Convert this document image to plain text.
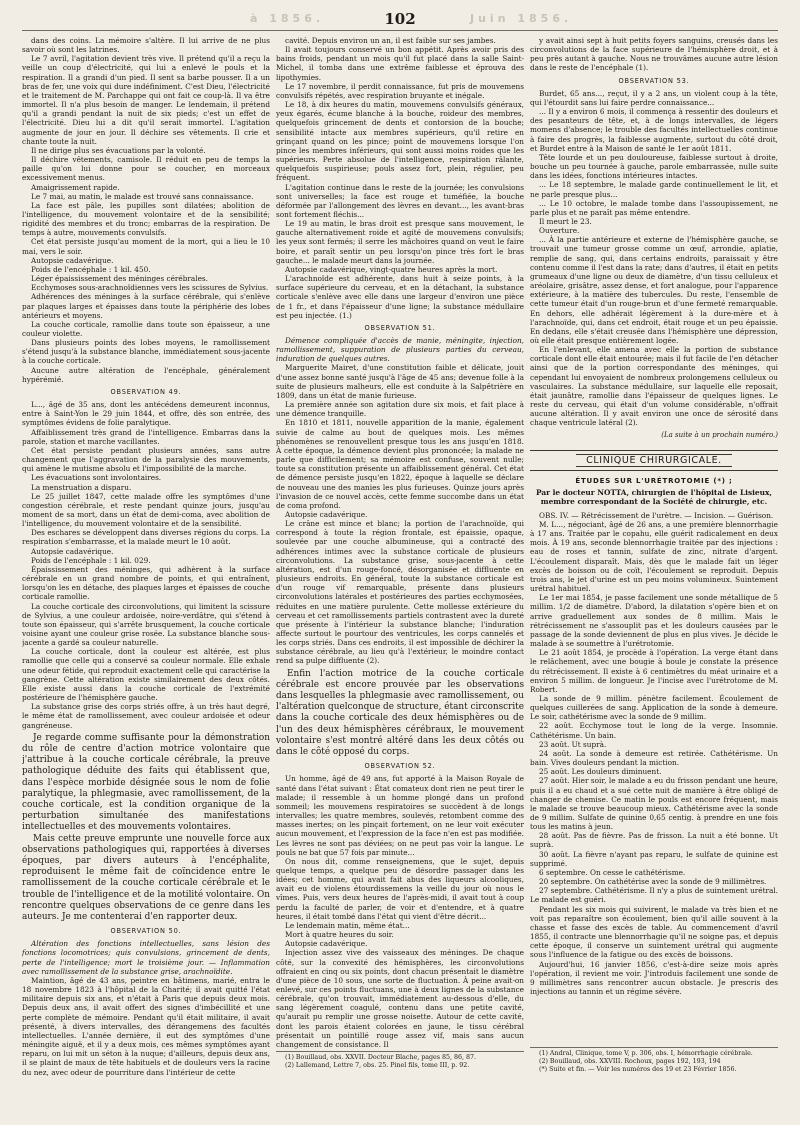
à 1856.	102	Juin 1856.

dans des coins. La mémoire s'altère. Il lui arrive de ne plus savoir où sont les latrines.

Le 7 avril, l'agitation devient très vive. Il prétend qu'il a reçu la veille un coup d'électricité, qui lui a enlevé le pouls et la respiration. Il a grandi d'un pied. Il sent sa barbe pousser. Il a un bras de fer, une voix qui dure indéfiniment. C'est Dieu, l'électricité et le traitement de M. Parchappe qui ont fait ce coup-là. Il va être immortel. Il n'a plus besoin de manger. Le lendemain, il prétend qu'il a grandi pendant la nuit de six pieds; c'est un effet de l'électricité. Dieu lui a dit qu'il serait immortel. L'agitation augmente de jour en jour. Il déchire ses vêtements. Il crie et chante toute la nuit.

Il ne dirige plus ses évacuations par la volonté.

Il déchire vêtements, camisole. Il réduit en peu de temps la paille qu'on lui donne pour se coucher, en morceaux excessivement menus.

Amaigrissement rapide.

Le 7 mai, au matin, le malade est trouvé sans connaissance.

La face est pâle, les pupilles sont dilatées; abolition de l'intelligence, du mouvement volontaire et de la sensibilité; rigidité des membres et du tronc; embarras de la respiration. De temps à autre, mouvements convulsifs.

Cet état persiste jusqu'au moment de la mort, qui a lieu le 10 mai, vers le soir.

Autopsie cadavérique.

Poids de l'encéphale : 1 kil. 450.

Léger épaississement des méninges cérébrales.

Ecchymoses sous-arachnoïdiennes vers les scissures de Sylvius.

Adhérences des méninges à la surface cérébrale, qui s'enlève par plaques larges et épaisses dans toute la périphérie des lobes antérieurs et moyens.

La couche corticale, ramollie dans toute son épaisseur, a une couleur violette.

Dans plusieurs points des lobes moyens, le ramollissement s'étend jusqu'à la substance blanche, immédiatement sous-jacente à la couche corticale.

Aucune autre altération de l'encéphale, généralement hypérémié.

OBSERVATION 49.

L..., âgé de 35 ans, dont les antécédens demeurent inconnus, entre à Saint-Yon le 29 juin 1844, et offre, dès son entrée, des symptômes évidens de folie paralytique.

Affaiblissement très grand de l'intelligence. Embarras dans la parole, station et marche vacillantes.

Cet état persiste pendant plusieurs années, sans autre changement que l'aggravation de la paralysie des mouvements, qui amène le mutisme absolu et l'impossibilité de la marche.

Les évacuations sont involontaires.

La menstruation a disparu.

Le 25 juillet 1847, cette malade offre les symptômes d'une congestion cérébrale, et reste pendant quinze jours, jusqu'au moment de sa mort, dans un état de demi-coma, avec abolition de l'intelligence, du mouvement volontaire et de la sensibilité.

Des eschares se développent dans diverses régions du corps. La respiration s'embarrasse, et la malade meurt le 10 août.

Autopsie cadavérique.

Poids de l'encéphale : 1 kil. 029.

Épaississement des méninges, qui adhèrent à la surface cérébrale en un grand nombre de points, et qui entraînent, lorsqu'on les en détache, des plaques larges et épaisses de couche corticale ramollie.

La couche corticale des circonvolutions, qui limitent la scissure de Sylvius, a une couleur ardoisée, noire-verdâtre, qui s'étend à toute son épaisseur, qui s'arrête brusquement, la couche corticale voisine ayant une couleur grise rosée. La substance blanche sous-jacente a gardé sa couleur naturelle.

La couche corticale, dont la couleur est altérée, est plus ramollie que celle qui a conservé sa couleur normale. Elle exhale une odeur fétide, qui reproduit exactement celle qui caractérise la gangrène. Cette altération existe similairement des deux côtés. Elle existe aussi dans la couche corticale de l'extrémité postérieure de l'hémisphère gauche.

La substance grise des corps striés offre, à un très haut degré, le même état de ramollissement, avec couleur ardoisée et odeur gangréneuse.

Je regarde comme suffisante pour la démonstration du rôle de centre d'action motrice volontaire que j'attribue à la couche corticale cérébrale, la preuve pathologique déduite des faits qui établissent que, dans l'espèce morbide désignée sous le nom de folie paralytique, la phlegmasie, avec ramollissement, de la couche corticale, est la condition organique de la perturbation simultanée des manifestations intellectuelles et des mouvements volontaires.

Mais cette preuve emprunte une nouvelle force aux observations pathologiques qui, rapportées à diverses époques, par divers auteurs à l'encéphalite, reproduisent le même fait de coïncidence entre le ramollissement de la couche corticale cérébrale et le trouble de l'intelligence et de la motilité volontaire. On rencontre quelques observations de ce genre dans les auteurs. Je me contenterai d'en rapporter deux.

OBSERVATION 50.

Altération des fonctions intellectuelles, sans lésion des fonctions locomotrices; quis convulsions, grincement de dents, perte de l'intelligence; mort le troisième jour. — Inflammation avec ramollissement de la substance grise, arachnoïdite.

Maintion, âgé de 43 ans, peintre en bâtimens, marié, entra le 18 novembre 1823 à l'hôpital de la Charité; il avait quitté l'état militaire depuis six ans, et n'était à Paris que depuis deux mois. Depuis deux ans, il avait offert des signes d'imbécillité et une perte complète de mémoire. Pendant qu'il était militaire, il avait présenté, à divers intervalles, des dérangemens des facultés intellectuelles. L'année dernière, il eut des symptômes d'une méningite aiguë, et il y a deux mois, ces mêmes symptômes ayant reparu, on lui mit un séton à la nuque; d'ailleurs, depuis deux ans, il se plaint de maux de tête habituels et de douleurs vers la racine du nez, avec odeur de pourriture dans l'intérieur de cette

cavité. Depuis environ un an, il est faible sur ses jambes.

Il avait toujours conservé un bon appétit. Après avoir pris des bains froids, pendant un mois qu'il fut placé dans la salle Saint-Michel, il tomba dans une extrême faiblesse et éprouva des lipothymies.

Le 17 novembre, il perdit connaissance, fut pris de mouvemens convulsifs répétés, avec respiration bruyante et inégale.

Le 18, à dix heures du matin, mouvemens convulsifs généraux, yeux égarés, écume blanche à la bouche, roideur des membres, quelquefois grincement de dents et contorsion de la bouche; sensibilité intacte aux membres supérieurs, qu'il retire en grinçant quand on les pince; point de mouvemens lorsque l'on pince les membres inférieurs, qui sont aussi moins roides que les supérieurs. Perte absolue de l'intelligence, respiration râlante, quelquefois suspirieuse; pouls assez fort, plein, régulier, peu fréquent.

L'agitation continue dans le reste de la journée; les convulsions sont universelles; la face est rouge et tuméfiée, la bouche déformée par l'allongement des lèvres en devant..., les avant-bras sont fortement fléchis...

Le 19 au matin, le bras droit est presque sans mouvement, le gauche alternativement roide et agité de mouvemens convulsifs; les yeux sont fermés; il serre les mâchoires quand on veut le faire boire, et paraît sentir un peu lorsqu'on pince très fort le bras gauche... le malade meurt dans la journée.

Autopsie cadavérique, vingt-quatre heures après la mort.

L'arachnoïde est adhérente, dans huit à seize points, à la surface supérieure du cerveau, et en la détachant, la substance corticale s'enlève avec elle dans une largeur d'environ une pièce de 1 fr., et dans l'épaisseur d'une ligne; la substance médullaire est peu injectée. (1.)

OBSERVATION 51.

Démence compliquée d'accès de manie, méningite, injection, ramollissement, suppuration de plusieurs parties du cerveau, induration de quelques autres.

Marguerite Mairet, d'une constitution faible et délicate, jouit d'une assez bonne santé jusqu'à l'âge de 45 ans; devenue folle à la suite de plusieurs malheurs, elle est conduite à la Salpêtrière en 1809, dans un état de manie furieuse.

La première année son agitation dure six mois, et fait place à une démence tranquille.

En 1810 et 1811, nouvelle apparition de la manie, également suivie de calme au bout de quelques mois. Les mêmes phénomènes se renouvellent presque tous les ans jusqu'en 1818. À cette époque, la démence devient plus prononcée; la malade ne parle que difficilement; sa mémoire est confuse, souvent nulle; toute sa constitution présente un affaiblissement général. Cet état de démence persiste jusqu'en 1822, époque à laquelle se déclare de nouveau une des manies les plus furieuses. Quinze jours après l'invasion de ce nouvel accès, cette femme succombe dans un état de coma profond.

Autopsie cadavérique.

Le crâne est mince et blanc; la portion de l'arachnoïde, qui correspond à toute la région frontale, est épaissie, opaque, soulevée par une couche albumineuse, qui a contracté des adhérences intimes avec la substance corticale de plusieurs circonvolutions. La substance grise, sous-jacente à cette altération, est d'un rouge-foncé, désorganisée et diffluente en plusieurs endroits. En général, toute la substance corticale est d'un rouge vif remarquable, présente dans plusieurs circonvolutions latérales et postérieures des parties ecchymosées, réduites en une matière purulente. Cette mollesse extérieure du cerveau et cet ramollissements partiels contrastent avec la dureté que présente à l'intérieur la substance blanche; l'induration affecte surtout le pourtour des ventricules, les corps cannelés et les corps striés. Dans ces endroits, il est impossible de déchirer la substance cérébrale, au lieu qu'à l'extérieur, le moindre contact rend sa pulpe diffluente (2).

Enfin l'action motrice de la couche corticale cérébrale est encore prouvée par les observations dans lesquelles la phlegmasie avec ramollissement, ou l'altération quelconque de structure, étant circonscrite dans la couche corticale des deux hémisphères ou de l'un des deux hémisphères cérébraux, le mouvement volontaire s'est montré altéré dans les deux côtés ou dans le côté opposé du corps.

OBSERVATION 52.

Un homme, âgé de 49 ans, fut apporté à la Maison Royale de santé dans l'état suivant : État comateux dont rien ne peut tirer le malade; il ressemble à un homme plongé dans un profond sommeil; les mouvemens respiratoires se succèdent à de longs intervalles; les quatre membres, soulevés, retombent comme des masses inertes; on les pinçait fortement, on ne leur voit exécuter aucun mouvement, et l'expression de la face n'en est pas modifiée. Les lèvres ne sont pas déviées; on ne peut pas voir la langue. Le pouls ne bat que 57 fois par minute...

On nous dit, comme renseignemens, que le sujet, depuis quelque temps, a quelque peu de désordre passager dans les idées; cet homme, qui avait fait abus des liqueurs alcooliques, avait eu de violens étourdissemens la veille du jour où nous le vîmes. Puis, vers deux heures de l'après-midi, il avait tout à coup perdu la faculté de parler, de voir et d'entendre, et à quatre heures, il était tombé dans l'état qui vient d'être décrit...

Le lendemain matin, même état...

Mort à quatre heures du soir.

Autopsie cadavérique.

Injection assez vive des vaisseaux des méninges. De chaque côté, sur la convexité des hémisphères, les circonvolutions offraient en cinq ou six points, dont chacun présentait le diamètre d'une pièce de 10 sous, une sorte de fluctuation. À peine avait-on enlevé, sur ces points fluctuans, une à deux lignes de la substance cérébrale, qu'on trouvait, immédiatement au-dessous d'elle, du sang légèrement coagulé, contenu dans une petite cavité, qu'aurait pu remplir une grosse noisette. Autour de cette cavité, dont les parois étaient colorées en jaune, le tissu cérébral présentait un pointillé rouge assez vif, mais sans aucun changement de consistance. Il

(1) Bouillaud, obs. XXVII. Docteur Blache, pages 85, 86, 87.
(2) Lallemand, Lettre 7, obs. 25. Pinel fils, tome III, p. 92.

y avait ainsi sept à huit petits foyers sanguins, creusés dans les circonvolutions de la face supérieure de l'hémisphère droit, et à peu près autant à gauche. Nous ne trouvâmes aucune autre lésion dans le reste de l'encéphale (1).

OBSERVATION 53.

Burdet, 65 ans..., reçut, il y a 2 ans, un violent coup à la tête, qui l'étourdit sans lui faire perdre connaissance...

... Il y a environ 6 mois, il commença à ressentir des douleurs et des pesanteurs de tête, et, à de longs intervalles, de légers momens d'absence; le trouble des facultés intellectuelles continue à faire des progrès, la faiblesse augmente, surtout du côté droit, et Burdet entre à la Maison de santé le 1er août 1811.

Tête lourde et un peu douloureuse, faiblesse surtout à droite, bouche un peu tournée à gauche, parole embarrassée, nulle suite dans les idées, fonctions intérieures intactes.

... Le 18 septembre, le malade garde continuellement le lit, et ne parle presque plus...

... Le 10 octobre, le malade tombe dans l'assoupissement, ne parle plus et ne paraît pas même entendre.

Il meurt le 23.

Ouverture.

... À la partie antérieure et externe de l'hémisphère gauche, se trouvait une tumeur grosse comme un œuf, arrondie, aplatie, remplie de sang, qui, dans certains endroits, paraissait y être contenu comme il l'est dans la rate; dans d'autres, il était en petits grumeaux d'une ligne ou deux de diamètre, d'un tissu celluleux et aréolaire, grisâtre, assez dense, et fort analogue, pour l'apparence extérieure, à la matière des tubercules. Du reste, l'ensemble de cette tumeur était d'un rouge-brun et d'une fermeté remarquable. En dehors, elle adhérait légèrement à la dure-mère et à l'arachnoïde, qui, dans cet endroit, était rouge et un peu épaissie. En dedans, elle s'était creusée dans l'hémisphère une dépression, où elle était presque entièrement logée.

En l'enlevant, elle amena avec elle la portion de substance corticale dont elle était entourée; mais il fut facile de l'en détacher ainsi que de la portion correspondante des méninges, qui cependant lui envoyaient de nombreux prolongemens celluleux ou vasculaires. La substance médullaire, sur laquelle elle reposait, était jaunâtre, ramollie dans l'épaisseur de quelques lignes. Le reste du cerveau, qui était d'un volume considérable, n'offrait aucune altération. Il y avait environ une once de sérosité dans chaque ventricule latéral (2).

(La suite à un prochain numéro.)
CLINIQUE CHIRURGICALE.
ÉTUDES SUR L'URÉTROTOMIE (*) ;
Par le docteur NOTTA, chirurgien de l'hôpital de Lisieux, membre correspondant de la Société de chirurgie, etc.

OBS. IV. — Rétrécissement de l'urètre. — Incision. — Guérison.

M. L..., négociant, âgé de 26 ans, a une première blennorrhagie à 17 ans. Traitée par le copahu, elle guérit radicalement en deux mois. À 19 ans, seconde blennorrhagie traitée par des injections : eau de roses et tannin, sulfate de zinc, nitrate d'argent. L'écoulement disparaît. Mais, dès que le malade fait un léger excès de boisson ou de coït, l'écoulement se reproduit. Depuis trois ans, le jet d'urine est un peu moins volumineux. Suintement urétral habituel.

Le 1er mai 1854, je passe facilement une sonde métallique de 5 millim. 1/2 de diamètre. D'abord, la dilatation s'opère bien et on arrive graduellement aux sondes de 8 millim. Mais le rétrécissement ne s'assouplit pas et les douleurs causées par le passage de la sonde deviennent de plus en plus vives. Je décide le malade à se soumettre à l'urétrotomie.

Le 21 août 1854, je procède à l'opération. La verge étant dans le relâchement, avec une bougie à boule je constate la présence du rétrécissement. Il existe à 6 centimètres du méat urinaire et a environ 5 millim. de longueur. Je l'incise avec l'urétrotome de M. Robert.

La sonde de 9 millim. pénètre facilement. Écoulement de quelques cuillerées de sang. Application de la sonde à demeure. Le soir, cathétérisme avec la sonde de 9 millim.

22 août. Ecchymose tout le long de la verge. Insomnie. Cathétérisme. Un bain.

23 août. Ut suprà.

24 août. La sonde à demeure est retirée. Cathétérisme. Un bain. Vives douleurs pendant la miction.

25 août. Les douleurs diminuent.

27 août. Hier soir, le malade a eu du frisson pendant une heure, puis il a eu chaud et a sué cette nuit de manière à être obligé de changer de chemise. Ce matin le pouls est encore fréquent, mais le malade se trouve beaucoup mieux. Cathétérisme avec la sonde de 9 millim. Sulfate de quinine 0,65 centig. à prendre en une fois tous les matins à jeun.

28 août. Pas de fièvre. Pas de frisson. La nuit a été bonne. Ut suprà.

30 août. La fièvre n'ayant pas reparu, le sulfate de quinine est supprimé.

6 septembre. On cesse le cathétérisme.

20 septembre. On cathétérise avec la sonde de 9 millimètres.

27 septembre. Cathétérisme. Il n'y a plus de suintement urétral. Le malade est guéri.

Pendant les six mois qui suivirent, le malade va très bien et ne voit pas reparaître son écoulement, bien qu'il aille souvent à la chasse et fasse des excès de table. Au commencement d'avril 1855, il contracte une blennorrhagie qu'il ne soigne pas, et depuis cette époque, il conserve un suintement urétral qui augmente sous l'influence de la fatigue ou des excès de boissons.

Aujourd'hui, 16 janvier 1856, c'est-à-dire seize mois après l'opération, il revient me voir. J'introduis facilement une sonde de 9 millimètres sans rencontrer aucun obstacle. Je prescris des injections au tannin et un régime sévère.

(1) Andral, Clinique, tome V, p. 306, obs. I, hémorrhagie cérébrale.
(2) Bouillaud, obs. XXVIII. Rochoux, pages 192, 193, 194
(*) Suite et fin. — Voir les numéros des 19 et 23 Février 1856.
